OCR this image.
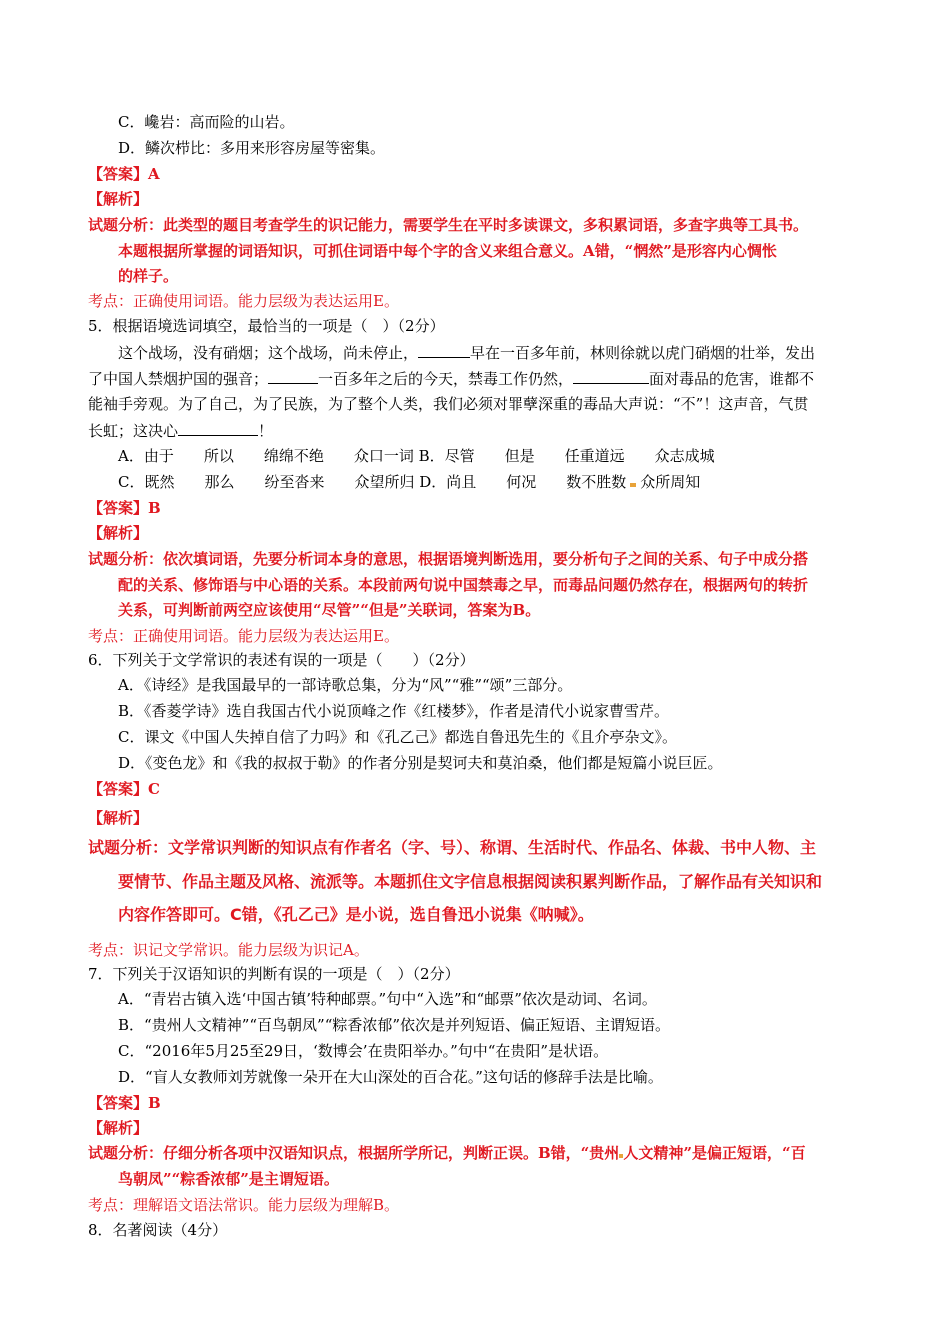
C．巉岩：高而险的山岩。
D．鳞次栉比：多用来形容房屋等密集。
【答案】A
【解析】
试题分析：此类型的题目考查学生的识记能力，需要学生在平时多读课文，多积累词语，多查字典等工具书。
本题根据所掌握的词语知识，可抓住词语中每个字的含义来组合意义。A错，“惘然”是形容内心惆怅
的样子。
考点：正确使用词语。能力层级为表达运用E。
5．根据语境选词填空，最恰当的一项是（　）（2分）
这个战场，没有硝烟；这个战场，尚未停止，	早在一百多年前，林则徐就以虎门硝烟的壮举，发出
了中国人禁烟护国的强音；	一百多年之后的今天，禁毒工作仍然，	面对毒品的危害，谁都不
能袖手旁观。为了自己，为了民族，为了整个人类，我们必须对罪孽深重的毒品大声说：“不”！这声音，气贯
长虹；这决心	！
A．由于　　所以　　绵绵不绝　　众口一词 B．尽管　　但是　　任重道远　　众志成城
C．既然　　那么　　纷至沓来　　众望所归 D．尚且　　何况　　数不胜数 众所周知
【答案】B
【解析】
试题分析：依次填词语，先要分析词本身的意思，根据语境判断选用，要分析句子之间的关系、句子中成分搭
配的关系、修饰语与中心语的关系。本段前两句说中国禁毒之早，而毒品问题仍然存在，根据两句的转折
关系，可判断前两空应该使用“尽管”“但是”关联词，答案为B。
考点：正确使用词语。能力层级为表达运用E。
6．下列关于文学常识的表述有误的一项是（　　）（2分）
A．《诗经》是我国最早的一部诗歌总集，分为“风”“雅”“颂”三部分。
B．《香菱学诗》选自我国古代小说顶峰之作《红楼梦》，作者是清代小说家曹雪芹。
C．课文《中国人失掉自信了力吗》和《孔乙己》都选自鲁迅先生的《且介亭杂文》。
D．《变色龙》和《我的叔叔于勒》的作者分别是契诃夫和莫泊桑，他们都是短篇小说巨匠。
【答案】C
【解析】
试题分析：文学常识判断的知识点有作者名（字、号）、称谓、生活时代、作品名、体裁、书中人物、主
要情节、作品主题及风格、流派等。本题抓住文字信息根据阅读积累判断作品，了解作品有关知识和
内容作答即可。C错，《孔乙己》是小说，选自鲁迅小说集《呐喊》。
考点：识记文学常识。能力层级为识记A。
7．下列关于汉语知识的判断有误的一项是（　）（2分）
A．“青岩古镇入选‘中国古镇’特种邮票。”句中“入选”和“邮票”依次是动词、名词。
B．“贵州人文精神”“百鸟朝凤”“粽香浓郁”依次是并列短语、偏正短语、主谓短语。
C．“2016年5月25至29日，‘数博会’在贵阳举办。”句中“在贵阳”是状语。
D．“盲人女教师刘芳就像一朵开在大山深处的百合花。”这句话的修辞手法是比喻。
【答案】B
【解析】
试题分析：仔细分析各项中汉语知识点，根据所学所记，判断正误。B错，“贵州 人文精神”是偏正短语，“百
鸟朝凤”“粽香浓郁”是主谓短语。
考点：理解语文语法常识。能力层级为理解B。
8．名著阅读（4分）
